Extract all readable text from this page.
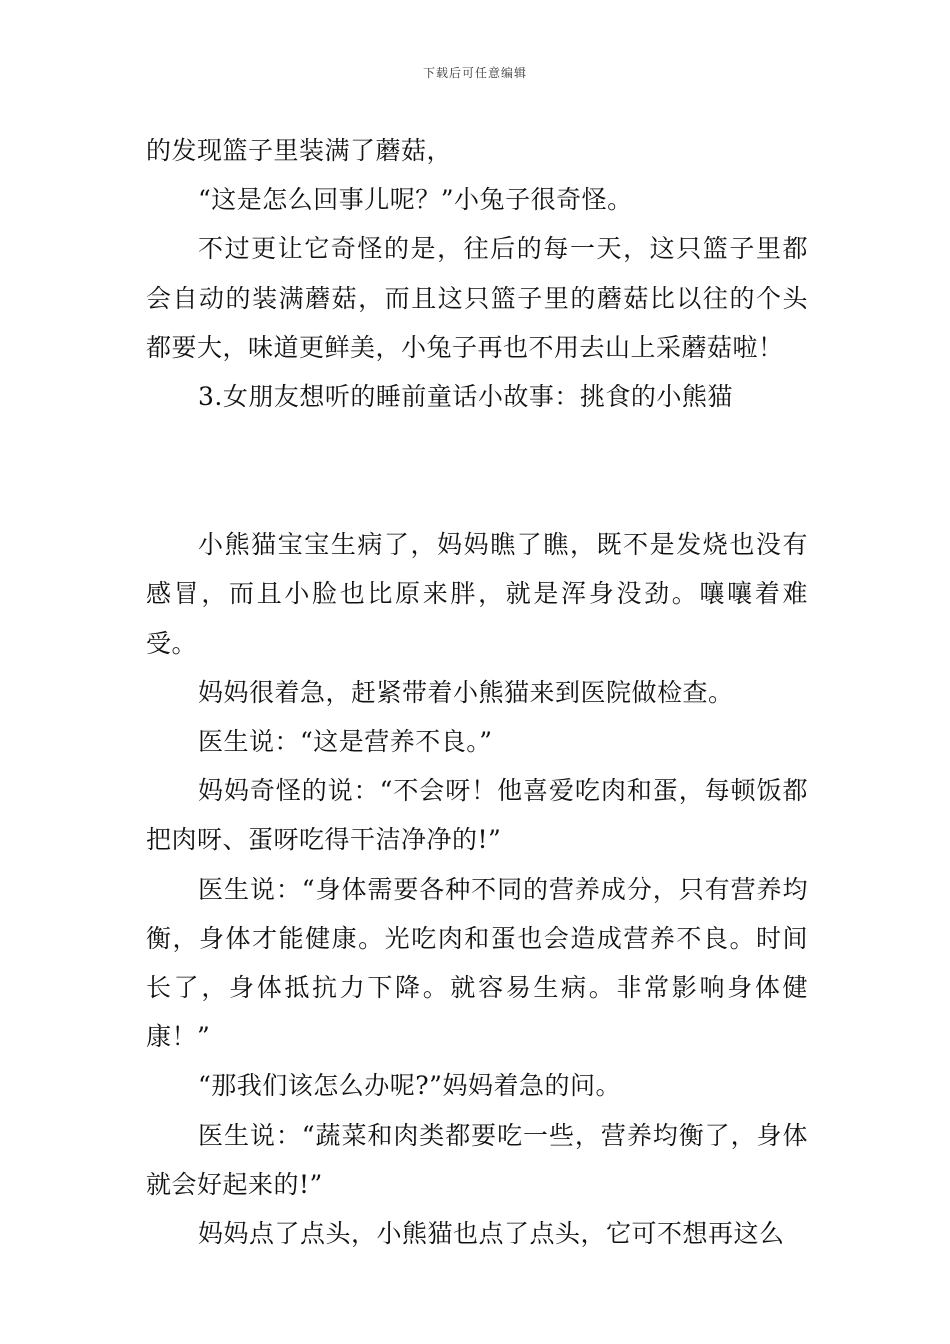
下载后可任意编辑

的发现篮子里装满了蘑菇，

“这是怎么回事儿呢？”小兔子很奇怪。

不过更让它奇怪的是，往后的每一天，这只篮子里都会自动的装满蘑菇，而且这只篮子里的蘑菇比以往的个头都要大，味道更鲜美，小兔子再也不用去山上采蘑菇啦！

3.女朋友想听的睡前童话小故事：挑食的小熊猫

小熊猫宝宝生病了，妈妈瞧了瞧，既不是发烧也没有感冒，而且小脸也比原来胖，就是浑身没劲。嚷嚷着难受。

妈妈很着急，赶紧带着小熊猫来到医院做检查。

医生说：“这是营养不良。”

妈妈奇怪的说：“不会呀！他喜爱吃肉和蛋，每顿饭都把肉呀、蛋呀吃得干洁净净的!”

医生说：“身体需要各种不同的营养成分，只有营养均衡，身体才能健康。光吃肉和蛋也会造成营养不良。时间长了，身体抵抗力下降。就容易生病。非常影响身体健康！”

“那我们该怎么办呢?”妈妈着急的问。

医生说：“蔬菜和肉类都要吃一些，营养均衡了，身体就会好起来的!”

妈妈点了点头，小熊猫也点了点头，它可不想再这么
